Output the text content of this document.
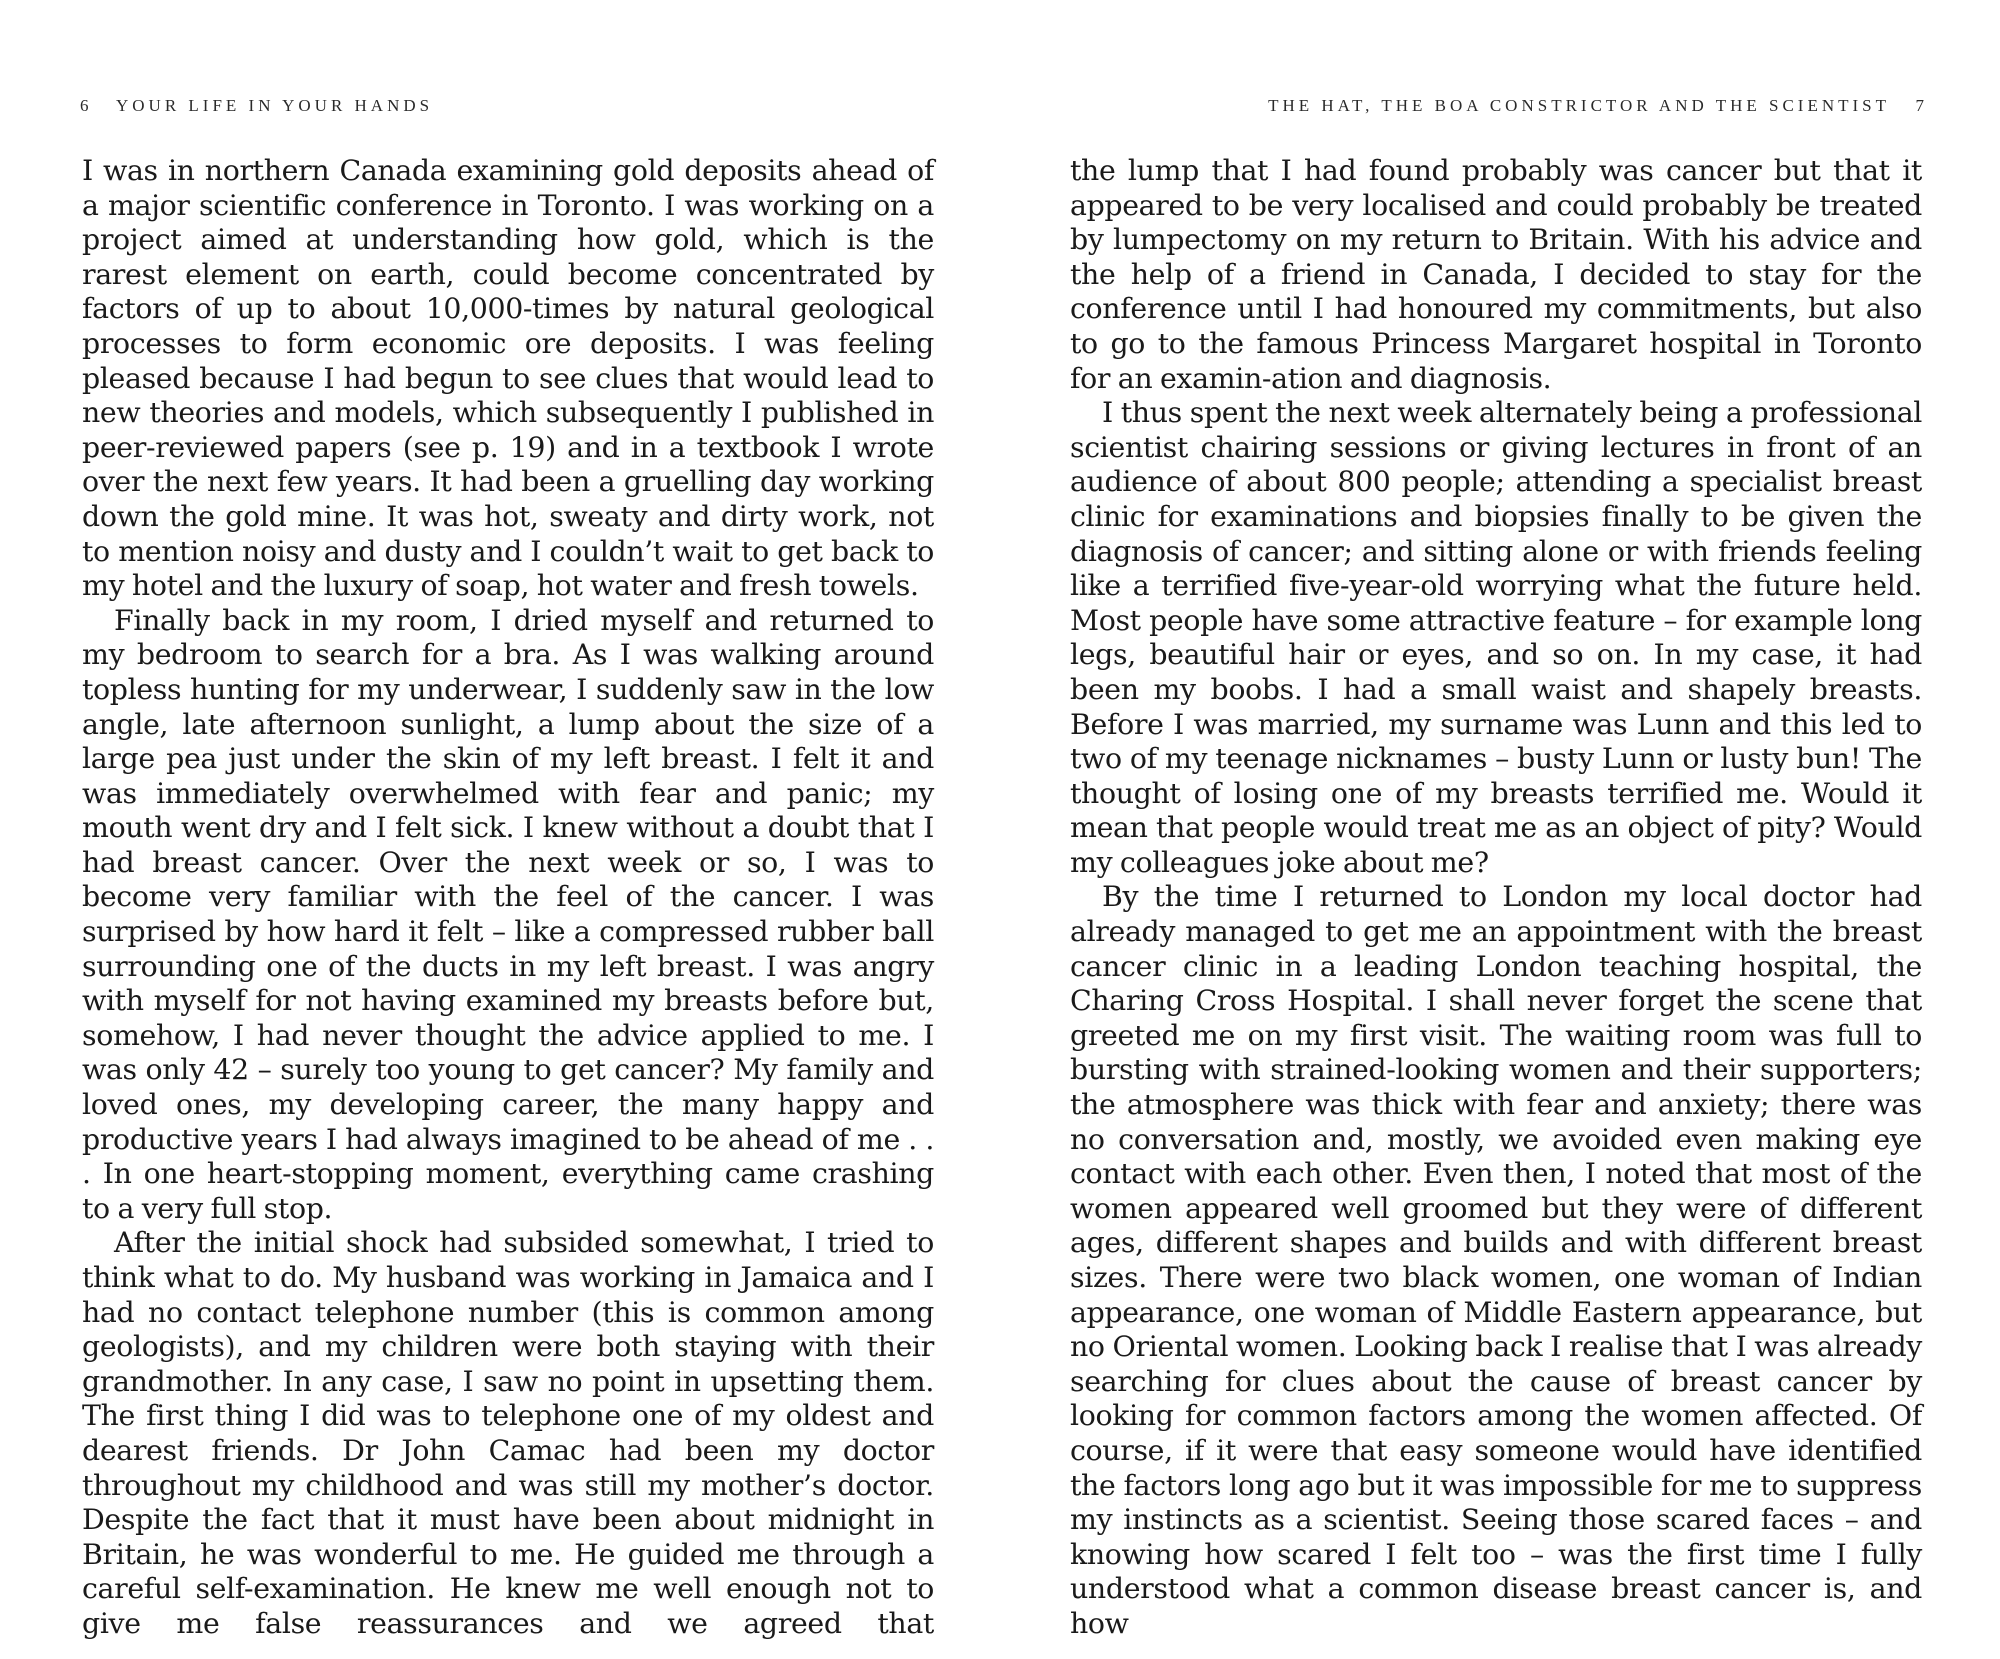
6 YOUR LIFE IN YOUR HANDS

I was in northern Canada examining gold deposits ahead of a major scientific conference in Toronto. I was working on a project aimed at understanding how gold, which is the rarest element on earth, could become concentrated by factors of up to about 10,000-times by natural geological processes to form economic ore deposits. I was feeling pleased because I had begun to see clues that would lead to new theories and models, which subsequently I published in peer-reviewed papers (see p. 19) and in a textbook I wrote over the next few years. It had been a gruelling day working down the gold mine. It was hot, sweaty and dirty work, not to mention noisy and dusty and I couldn’t wait to get back to my hotel and the luxury of soap, hot water and fresh towels.

Finally back in my room, I dried myself and returned to my bedroom to search for a bra. As I was walking around topless hunting for my underwear, I suddenly saw in the low angle, late afternoon sunlight, a lump about the size of a large pea just under the skin of my left breast. I felt it and was immediately overwhelmed with fear and panic; my mouth went dry and I felt sick. I knew without a doubt that I had breast cancer. Over the next week or so, I was to become very familiar with the feel of the cancer. I was surprised by how hard it felt – like a compressed rubber ball surrounding one of the ducts in my left breast. I was angry with myself for not having examined my breasts before but, somehow, I had never thought the advice applied to me. I was only 42 – surely too young to get cancer? My family and loved ones, my developing career, the many happy and productive years I had always imagined to be ahead of me . . . In one heart-stopping moment, everything came crashing to a very full stop.

After the initial shock had subsided somewhat, I tried to think what to do. My husband was working in Jamaica and I had no contact telephone number (this is common among geologists), and my children were both staying with their grandmother. In any case, I saw no point in upsetting them. The first thing I did was to telephone one of my oldest and dearest friends. Dr John Camac had been my doctor throughout my childhood and was still my mother’s doctor. Despite the fact that it must have been about midnight in Britain, he was wonderful to me. He guided me through a careful self-examination. He knew me well enough not to give me false reassurances and we agreed that

THE HAT, THE BOA CONSTRICTOR AND THE SCIENTIST 7

the lump that I had found probably was cancer but that it appeared to be very localised and could probably be treated by lumpectomy on my return to Britain. With his advice and the help of a friend in Canada, I decided to stay for the conference until I had honoured my commitments, but also to go to the famous Princess Margaret hospital in Toronto for an examin-ation and diagnosis.

I thus spent the next week alternately being a professional scientist chairing sessions or giving lectures in front of an audience of about 800 people; attending a specialist breast clinic for examinations and biopsies finally to be given the diagnosis of cancer; and sitting alone or with friends feeling like a terrified five-year-old worrying what the future held. Most people have some attractive feature – for example long legs, beautiful hair or eyes, and so on. In my case, it had been my boobs. I had a small waist and shapely breasts. Before I was married, my surname was Lunn and this led to two of my teenage nicknames – busty Lunn or lusty bun! The thought of losing one of my breasts terrified me. Would it mean that people would treat me as an object of pity? Would my colleagues joke about me?

By the time I returned to London my local doctor had already managed to get me an appointment with the breast cancer clinic in a leading London teaching hospital, the Charing Cross Hospital. I shall never forget the scene that greeted me on my first visit. The waiting room was full to bursting with strained-looking women and their supporters; the atmosphere was thick with fear and anxiety; there was no conversation and, mostly, we avoided even making eye contact with each other. Even then, I noted that most of the women appeared well groomed but they were of different ages, different shapes and builds and with different breast sizes. There were two black women, one woman of Indian appearance, one woman of Middle Eastern appearance, but no Oriental women. Looking back I realise that I was already searching for clues about the cause of breast cancer by looking for common factors among the women affected. Of course, if it were that easy someone would have identified the factors long ago but it was impossible for me to suppress my instincts as a scientist. Seeing those scared faces – and knowing how scared I felt too – was the first time I fully understood what a common disease breast cancer is, and how
